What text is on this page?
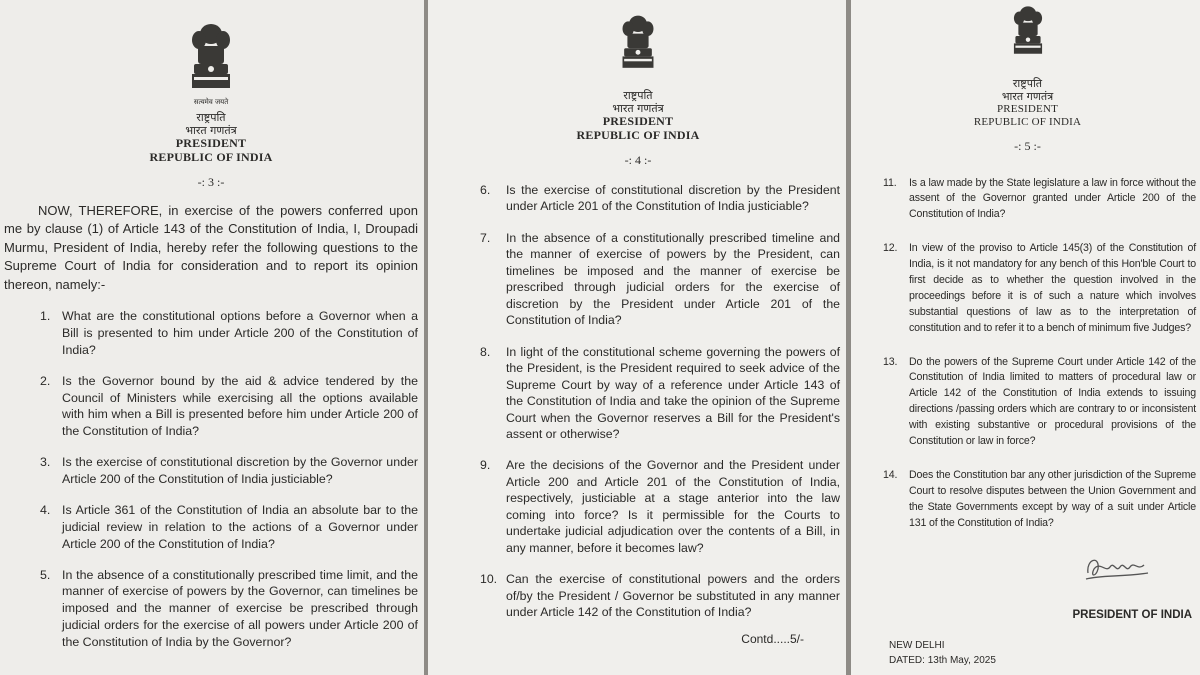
सत्यमेव जयते
राष्ट्रपति
भारत गणतंत्र
PRESIDENT
REPUBLIC OF INDIA
-: 3 :-

NOW, THEREFORE, in exercise of the powers conferred upon me by clause (1) of Article 143 of the Constitution of India, I, Droupadi Murmu, President of India, hereby refer the following questions to the Supreme Court of India for consideration and to report its opinion thereon, namely:-

1. What are the constitutional options before a Governor when a Bill is presented to him under Article 200 of the Constitution of India?
2. Is the Governor bound by the aid & advice tendered by the Council of Ministers while exercising all the options available with him when a Bill is presented before him under Article 200 of the Constitution of India?
3. Is the exercise of constitutional discretion by the Governor under Article 200 of the Constitution of India justiciable?
4. Is Article 361 of the Constitution of India an absolute bar to the judicial review in relation to the actions of a Governor under Article 200 of the Constitution of India?
5. In the absence of a constitutionally prescribed time limit, and the manner of exercise of powers by the Governor, can timelines be imposed and the manner of exercise be prescribed through judicial orders for the exercise of all powers under Article 200 of the Constitution of India by the Governor?
राष्ट्रपति
भारत गणतंत्र
PRESIDENT
REPUBLIC OF INDIA
-: 4 :-
6.	Is the exercise of constitutional discretion by the President under Article 201 of the Constitution of India justiciable?
7.	In the absence of a constitutionally prescribed timeline and the manner of exercise of powers by the President, can timelines be imposed and the manner of exercise be prescribed through judicial orders for the exercise of discretion by the President under Article 201 of the Constitution of India?
8.	In light of the constitutional scheme governing the powers of the President, is the President required to seek advice of the Supreme Court by way of a reference under Article 143 of the Constitution of India and take the opinion of the Supreme Court when the Governor reserves a Bill for the President's assent or otherwise?
9.	Are the decisions of the Governor and the President under Article 200 and Article 201 of the Constitution of India, respectively, justiciable at a stage anterior into the law coming into force? Is it permissible for the Courts to undertake judicial adjudication over the contents of a Bill, in any manner, before it becomes law?
10. Can the exercise of constitutional powers and the orders of/by the President / Governor be substituted in any manner under Article 142 of the Constitution of India?
Contd.....5/-
राष्ट्रपति
भारत गणतंत्र
PRESIDENT
REPUBLIC OF INDIA
-: 5 :-
11.	Is a law made by the State legislature a law in force without the assent of the Governor granted under Article 200 of the Constitution of India?
12.	In view of the proviso to Article 145(3) of the Constitution of India, is it not mandatory for any bench of this Hon'ble Court to first decide as to whether the question involved in the proceedings before it is of such a nature which involves substantial questions of law as to the interpretation of constitution and to refer it to a bench of minimum five Judges?
13.	Do the powers of the Supreme Court under Article 142 of the Constitution of India limited to matters of procedural law or Article 142 of the Constitution of India extends to issuing directions /passing orders which are contrary to or inconsistent with existing substantive or procedural provisions of the Constitution or law in force?
14.	Does the Constitution bar any other jurisdiction of the Supreme Court to resolve disputes between the Union Government and the State Governments except by way of a suit under Article 131 of the Constitution of India?
PRESIDENT OF INDIA
NEW DELHI
DATED: 13th May, 2025
